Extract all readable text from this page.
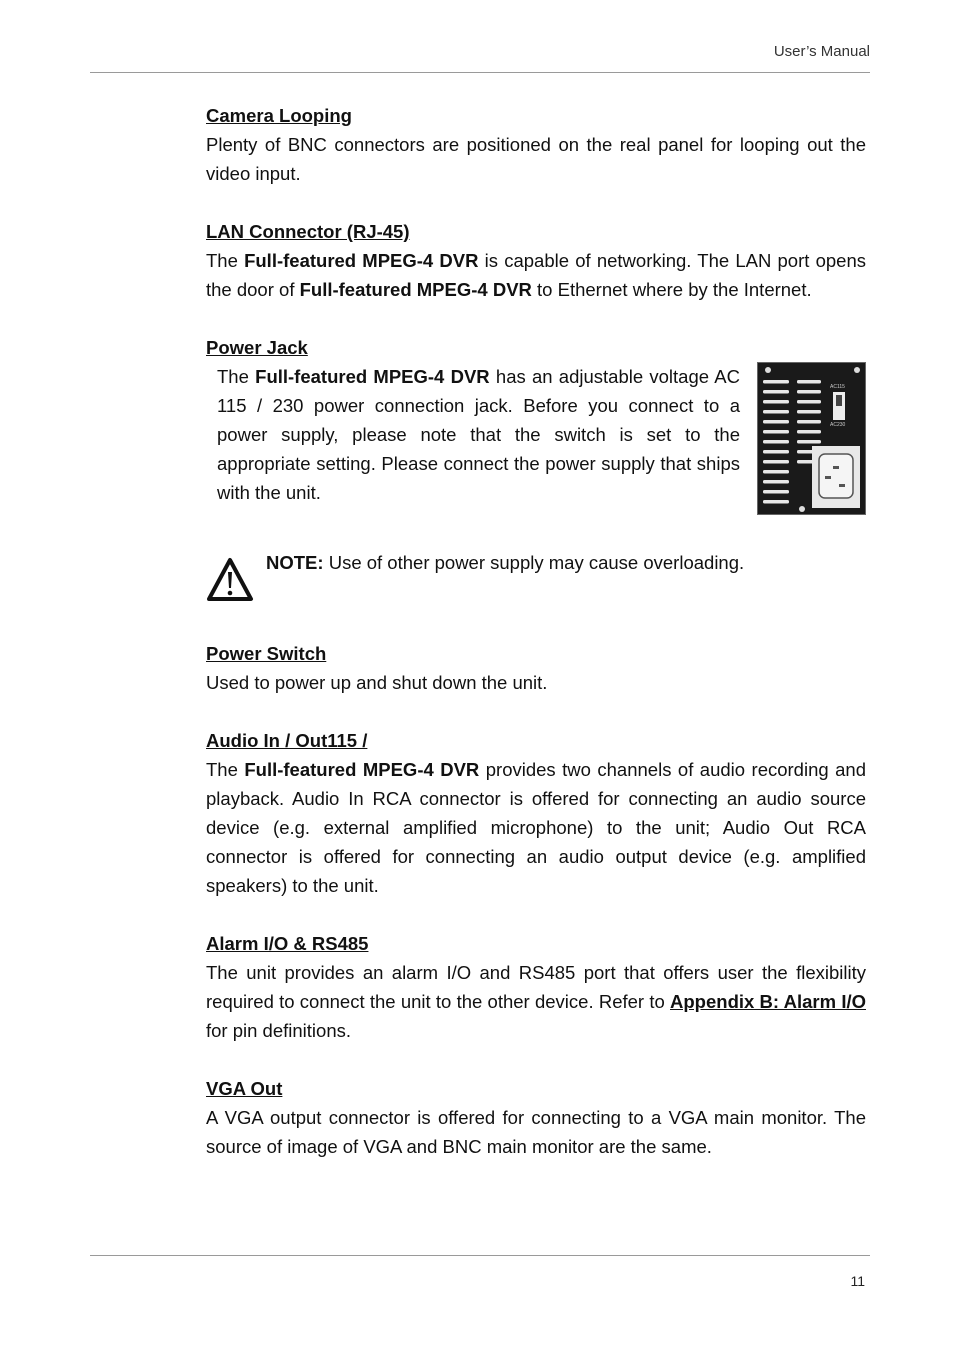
User’s Manual
Camera Looping

Plenty of BNC connectors are positioned on the real panel for looping out the video input.

LAN Connector (RJ-45)

The Full-featured MPEG-4 DVR is capable of networking. The LAN port opens the door of Full-featured MPEG-4 DVR to Ethernet where by the Internet.

Power Jack

The Full-featured MPEG-4 DVR has an adjustable voltage AC 115 / 230 power connection jack. Before you connect to a power supply, please note that the switch is set to the appropriate setting. Please connect the power supply that ships with the unit.

AC115
AC230

NOTE: Use of other power supply may cause overloading.

Power Switch

Used to power up and shut down the unit.

Audio In / Out115 /

The Full-featured MPEG-4 DVR provides two channels of audio recording and playback. Audio In RCA connector is offered for connecting an audio source device (e.g. external amplified microphone) to the unit; Audio Out RCA connector is offered for connecting an audio output device (e.g. amplified speakers) to the unit.

Alarm I/O & RS485

The unit provides an alarm I/O and RS485 port that offers user the flexibility required to connect the unit to the other device. Refer to Appendix B: Alarm I/O for pin definitions.

VGA Out

A VGA output connector is offered for connecting to a VGA main monitor. The source of image of VGA and BNC main monitor are the same.

11
